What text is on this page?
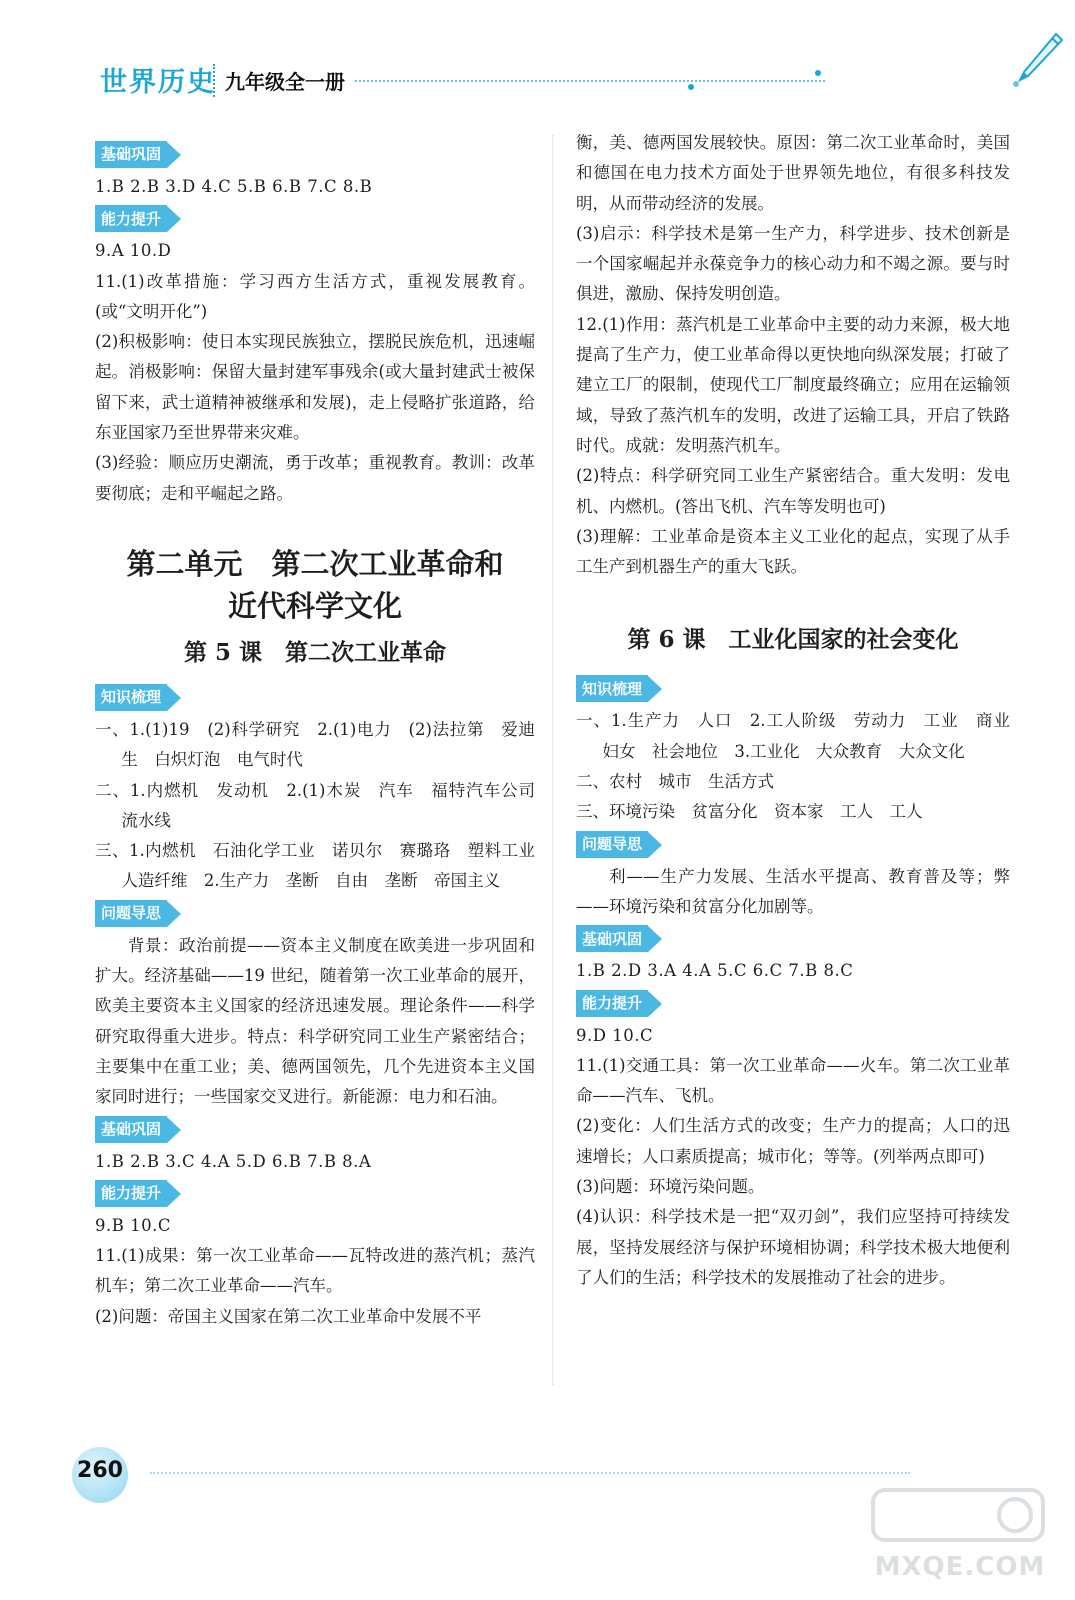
世界历史 九年级全一册
基础巩固

1.B 2.B 3.D 4.C 5.B 6.B 7.C 8.B

能力提升

9.A 10.D

11.(1)改革措施：学习西方生活方式，重视发展教育。(或“文明开化”)

(2)积极影响：使日本实现民族独立，摆脱民族危机，迅速崛起。消极影响：保留大量封建军事残余(或大量封建武士被保留下来，武士道精神被继承和发展)，走上侵略扩张道路，给东亚国家乃至世界带来灾难。

(3)经验：顺应历史潮流，勇于改革；重视教育。教训：改革要彻底；走和平崛起之路。

第二单元　第二次工业革命和
近代科学文化
第 5 课　第二次工业革命
知识梳理

一、1.(1)19　(2)科学研究　2.(1)电力　(2)法拉第　爱迪生　白炽灯泡　电气时代

二、1.内燃机　发动机　2.(1)木炭　汽车　福特汽车公司　流水线

三、1.内燃机　石油化学工业　诺贝尔　赛璐珞　塑料工业　人造纤维　2.生产力　垄断　自由　垄断　帝国主义

问题导思

背景：政治前提——资本主义制度在欧美进一步巩固和扩大。经济基础——19 世纪，随着第一次工业革命的展开，欧美主要资本主义国家的经济迅速发展。理论条件——科学研究取得重大进步。特点：科学研究同工业生产紧密结合；主要集中在重工业；美、德两国领先，几个先进资本主义国家同时进行；一些国家交叉进行。新能源：电力和石油。

基础巩固

1.B 2.B 3.C 4.A 5.D 6.B 7.B 8.A

能力提升

9.B 10.C

11.(1)成果：第一次工业革命——瓦特改进的蒸汽机；蒸汽机车；第二次工业革命——汽车。

(2)问题：帝国主义国家在第二次工业革命中发展不平

衡，美、德两国发展较快。原因：第二次工业革命时，美国和德国在电力技术方面处于世界领先地位，有很多科技发明，从而带动经济的发展。

(3)启示：科学技术是第一生产力，科学进步、技术创新是一个国家崛起并永葆竞争力的核心动力和不竭之源。要与时俱进，激励、保持发明创造。

12.(1)作用：蒸汽机是工业革命中主要的动力来源，极大地提高了生产力，使工业革命得以更快地向纵深发展；打破了建立工厂的限制，使现代工厂制度最终确立；应用在运输领域，导致了蒸汽机车的发明，改进了运输工具，开启了铁路时代。成就：发明蒸汽机车。

(2)特点：科学研究同工业生产紧密结合。重大发明：发电机、内燃机。(答出飞机、汽车等发明也可)

(3)理解：工业革命是资本主义工业化的起点，实现了从手工生产到机器生产的重大飞跃。

第 6 课　工业化国家的社会变化
知识梳理

一、1.生产力　人口　2.工人阶级　劳动力　工业　商业　妇女　社会地位　3.工业化　大众教育　大众文化

二、农村　城市　生活方式

三、环境污染　贫富分化　资本家　工人　工人

问题导思

利——生产力发展、生活水平提高、教育普及等；弊——环境污染和贫富分化加剧等。

基础巩固

1.B 2.D 3.A 4.A 5.C 6.C 7.B 8.C

能力提升

9.D 10.C

11.(1)交通工具：第一次工业革命——火车。第二次工业革命——汽车、飞机。

(2)变化：人们生活方式的改变；生产力的提高；人口的迅速增长；人口素质提高；城市化；等等。(列举两点即可)

(3)问题：环境污染问题。

(4)认识：科学技术是一把“双刃剑”，我们应坚持可持续发展，坚持发展经济与保护环境相协调；科学技术极大地便利了人们的生活；科学技术的发展推动了社会的进步。

260
MXQE.COM
